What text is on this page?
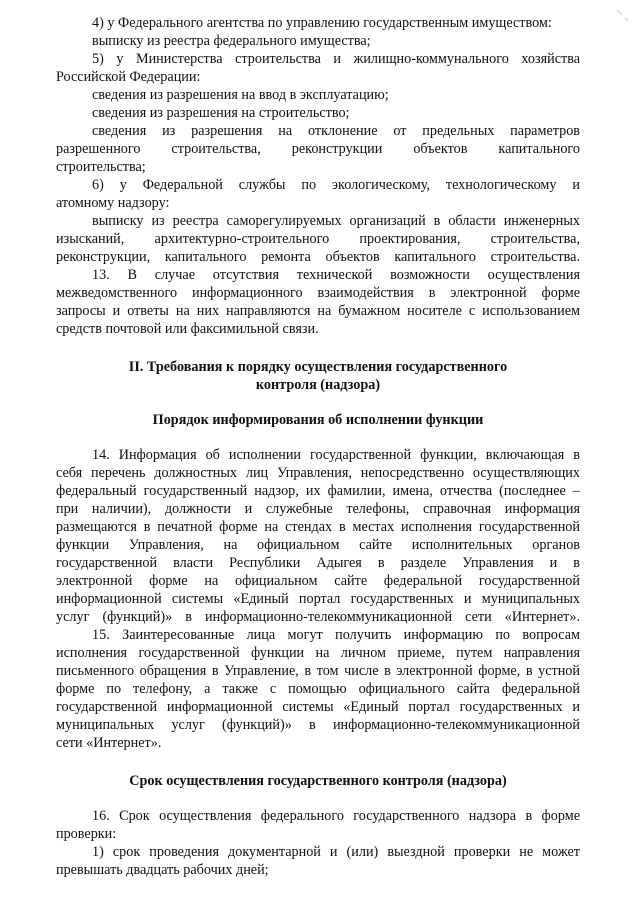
4) у Федерального агентства по управлению государственным имуществом:
выписку из реестра федерального имущества;
5) у Министерства строительства и жилищно-коммунального хозяйства
Российской Федерации:
сведения из разрешения на ввод в эксплуатацию;
сведения из разрешения на строительство;
сведения из разрешения на отклонение от предельных параметров
разрешенного строительства, реконструкции объектов капитального
строительства;
6) у Федеральной службы по экологическому, технологическому и
атомному надзору:
выписку из реестра саморегулируемых организаций в области инженерных
изысканий, архитектурно-строительного проектирования, строительства,
реконструкции, капитального ремонта объектов капитального строительства.
13. В случае отсутствия технической возможности осуществления
межведомственного информационного взаимодействия в электронной форме
запросы и ответы на них направляются на бумажном носителе с использованием
средств почтовой или факсимильной связи.
II. Требования к порядку осуществления государственного
контроля (надзора)
Порядок информирования об исполнении функции
14. Информация об исполнении государственной функции, включающая в
себя перечень должностных лиц Управления, непосредственно осуществляющих
федеральный государственный надзор, их фамилии, имена, отчества (последнее –
при наличии), должности и служебные телефоны, справочная информация
размещаются в печатной форме на стендах в местах исполнения государственной
функции Управления, на официальном сайте исполнительных органов
государственной власти Республики Адыгея в разделе Управления и в
электронной форме на официальном сайте федеральной государственной
информационной системы «Единый портал государственных и муниципальных
услуг (функций)» в информационно-телекоммуникационной сети «Интернет».
15. Заинтересованные лица могут получить информацию по вопросам
исполнения государственной функции на личном приеме, путем направления
письменного обращения в Управление, в том числе в электронной форме, в устной
форме по телефону, а также с помощью официального сайта федеральной
государственной информационной системы «Единый портал государственных и
муниципальных услуг (функций)» в информационно-телекоммуникационной
сети «Интернет».
Срок осуществления государственного контроля (надзора)
16. Срок осуществления федерального государственного надзора в форме
проверки:
1) срок проведения документарной и (или) выездной проверки не может
превышать двадцать рабочих дней;
